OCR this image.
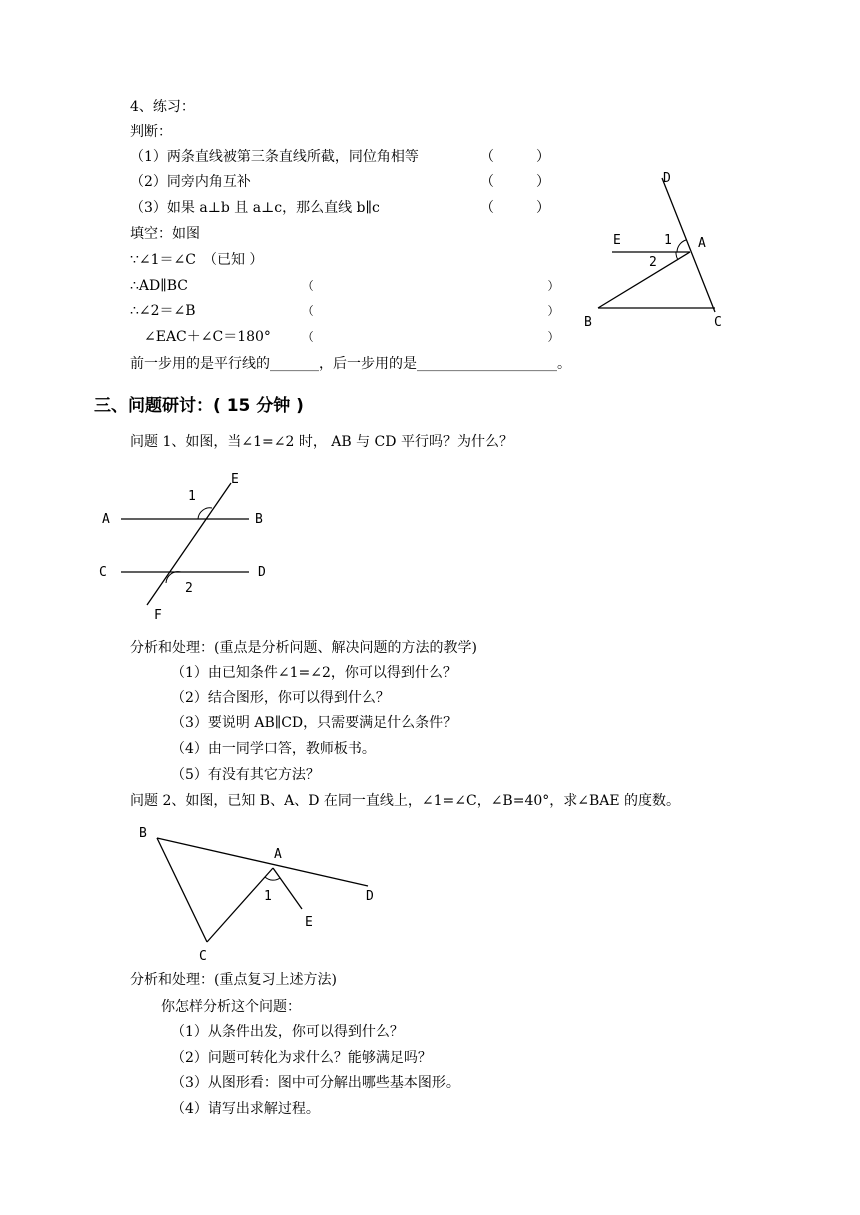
4、练习：
判断：
（1）两条直线被第三条直线所截，同位角相等	（　　　）
（2）同旁内角互补	（　　　）
（3）如果 a⊥b 且 a⊥c，那么直线 b∥c	（　　　）
填空：如图
∵∠1＝∠C　（已知 ）
∴AD∥BC	（　　　　　　　　　　　　　　　　　　　　）
∴∠2＝∠B	（　　　　　　　　　　　　　　　　　　　　）
　∠EAC＋∠C＝180°	（　　　　　　　　　　　　　　　　　　　　）
前一步用的是平行线的_______，后一步用的是____________________。
D
E	A
1
2
B	C
三、问题研讨：( 15 分钟 )
问题 1、如图，当∠1=∠2 时， AB 与 CD 平行吗？为什么？
A	B
C	D
E
F
1
2
分析和处理：(重点是分析问题、解决问题的方法的教学)
（1）由已知条件∠1=∠2，你可以得到什么？
（2）结合图形，你可以得到什么？
（3）要说明 AB∥CD，只需要满足什么条件？
（4）由一同学口答，教师板书。
（5）有没有其它方法？
问题 2、如图，已知 B、A、D 在同一直线上，∠1=∠C，∠B=40°，求∠BAE 的度数。
B
A
D
C
E
1
分析和处理：(重点复习上述方法)
你怎样分析这个问题：
（1）从条件出发，你可以得到什么？
（2）问题可转化为求什么？能够满足吗？
（3）从图形看：图中可分解出哪些基本图形。
（4）请写出求解过程。
